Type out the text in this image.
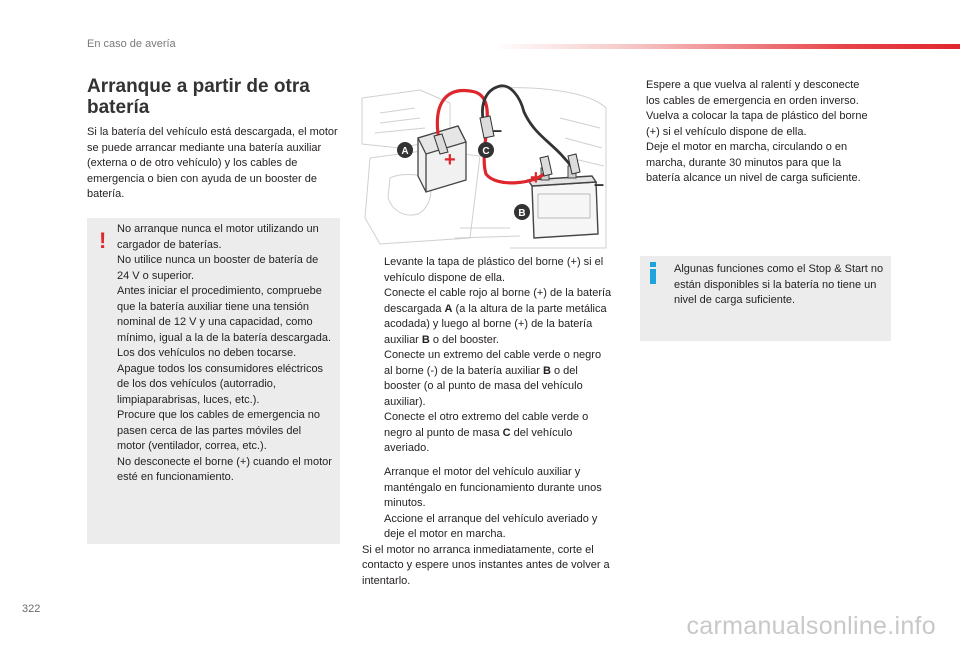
En caso de avería
Arranque a partir de otra batería
Si la batería del vehículo está descargada, el motor se puede arrancar mediante una batería auxiliar (externa o de otro vehículo) y los cables de emergencia o bien con ayuda de un booster de batería.
! No arranque nunca el motor utilizando un cargador de baterías.
No utilice nunca un booster de batería de 24 V o superior.
Antes iniciar el procedimiento, compruebe que la batería auxiliar tiene una tensión nominal de 12 V y una capacidad, como mínimo, igual a la de la batería descargada.
Los dos vehículos no deben tocarse.
Apague todos los consumidores eléctricos de los dos vehículos (autorradio, limpiaparabrisas, luces, etc.).
Procure que los cables de emergencia no pasen cerca de las partes móviles del motor (ventilador, correa, etc.).
No desconecte el borne (+) cuando el motor esté en funcionamiento.
+
+
–
–
A	C
B
Levante la tapa de plástico del borne (+) si el vehículo dispone de ella.
Conecte el cable rojo al borne (+) de la batería descargada A (a la altura de la parte metálica acodada) y luego al borne (+) de la batería auxiliar B o del booster.
Conecte un extremo del cable verde o negro al borne (-) de la batería auxiliar B o del booster (o al punto de masa del vehículo auxiliar).
Conecte el otro extremo del cable verde o negro al punto de masa C del vehículo averiado.
Arranque el motor del vehículo auxiliar y manténgalo en funcionamiento durante unos minutos.
Accione el arranque del vehículo averiado y deje el motor en marcha.
Si el motor no arranca inmediatamente, corte el contacto y espere unos instantes antes de volver a intentarlo.
Espere a que vuelva al ralentí y desconecte los cables de emergencia en orden inverso.
Vuelva a colocar la tapa de plástico del borne (+) si el vehículo dispone de ella.
Deje el motor en marcha, circulando o en marcha, durante 30 minutos para que la batería alcance un nivel de carga suficiente.
Algunas funciones como el Stop & Start no están disponibles si la batería no tiene un nivel de carga suficiente.
322
carmanualsonline.info
